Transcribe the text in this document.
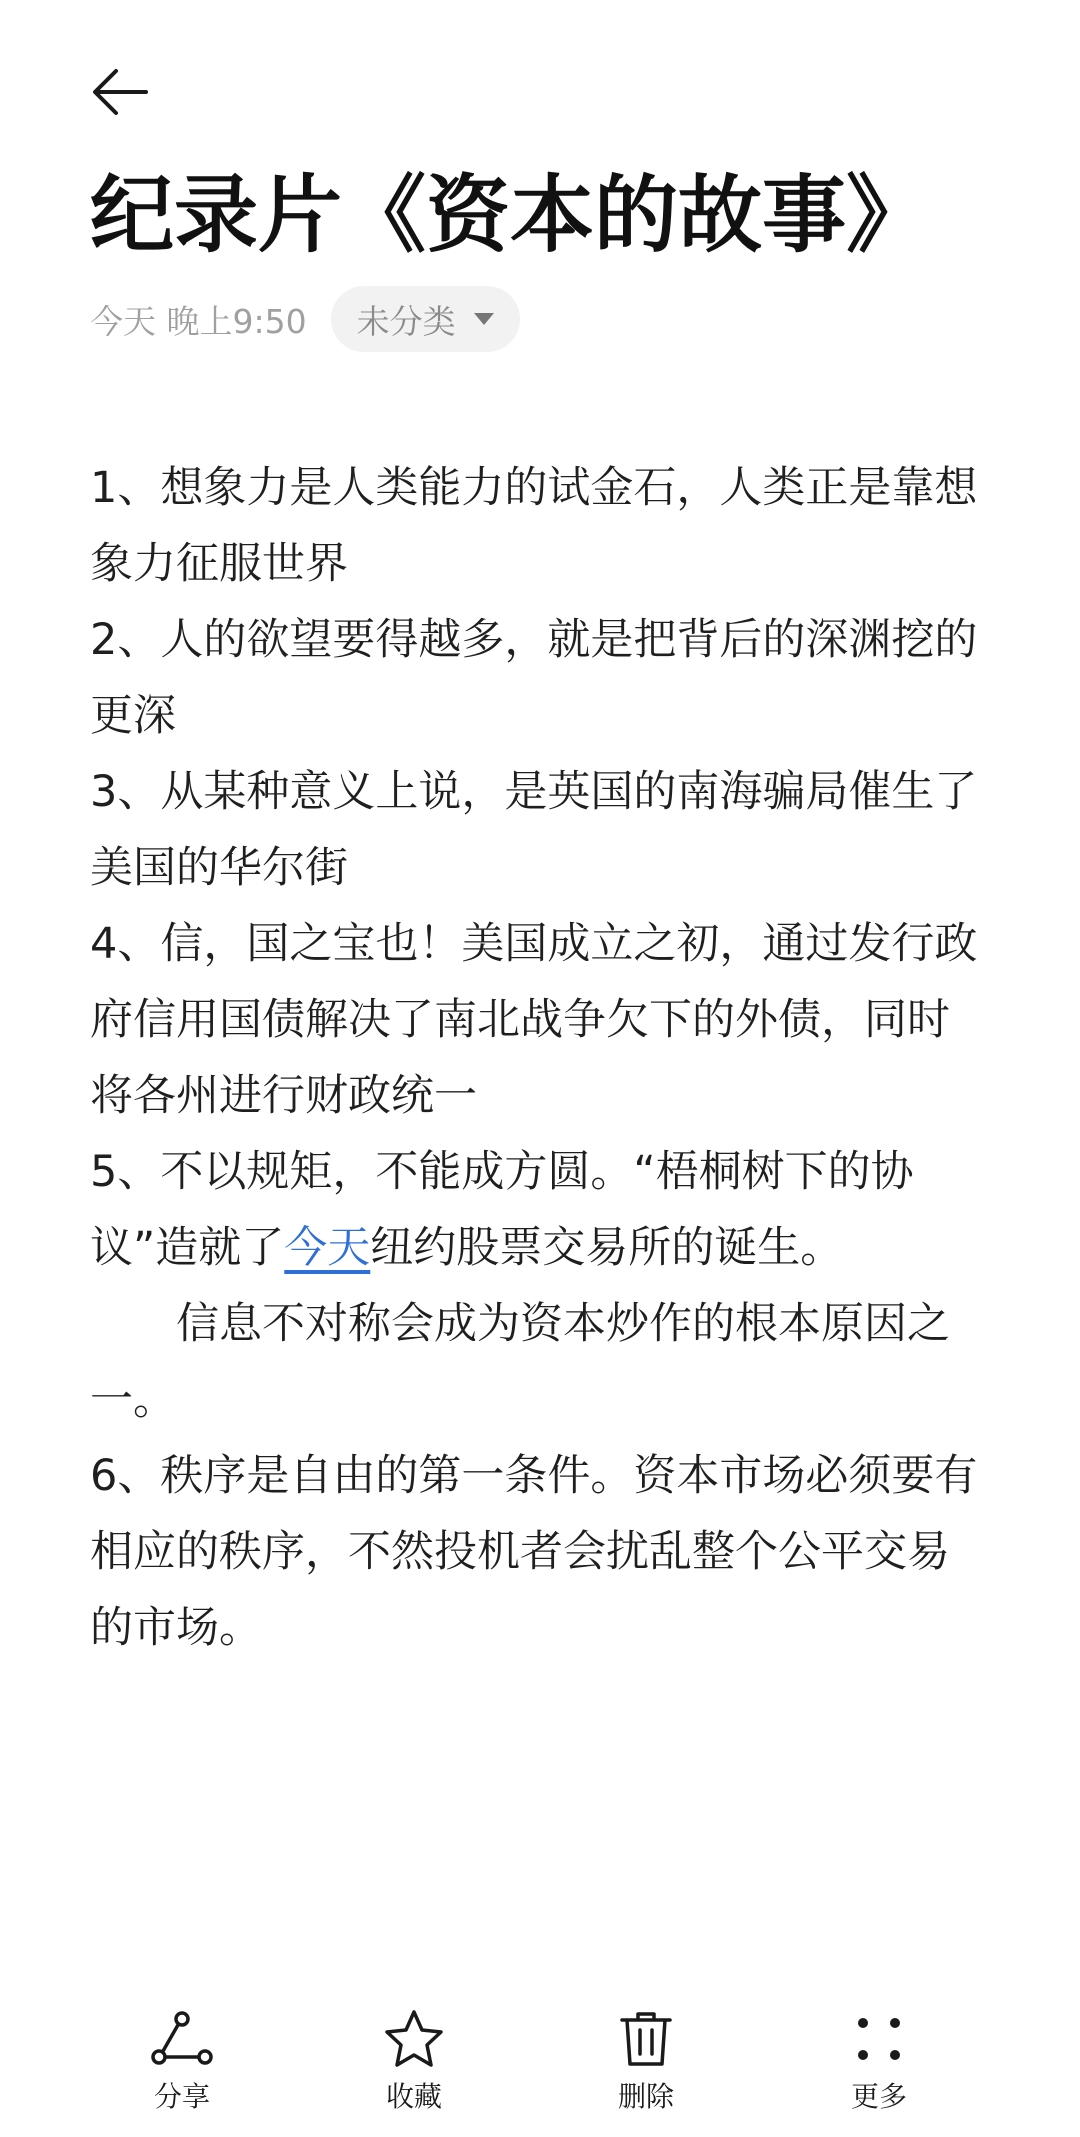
纪录片《资本的故事》
今天 晚上9:50 未分类

1、想象力是人类能力的试金石，人类正是靠想象力征服世界

2、人的欲望要得越多，就是把背后的深渊挖的更深

3、从某种意义上说，是英国的南海骗局催生了美国的华尔街

4、信，国之宝也！美国成立之初，通过发行政府信用国债解决了南北战争欠下的外债，同时将各州进行财政统一

5、不以规矩，不能成方圆。“梧桐树下的协议”造就了今天纽约股票交易所的诞生。

信息不对称会成为资本炒作的根本原因之一。

6、秩序是自由的第一条件。资本市场必须要有相应的秩序，不然投机者会扰乱整个公平交易的市场。

分享	收藏	删除	更多
